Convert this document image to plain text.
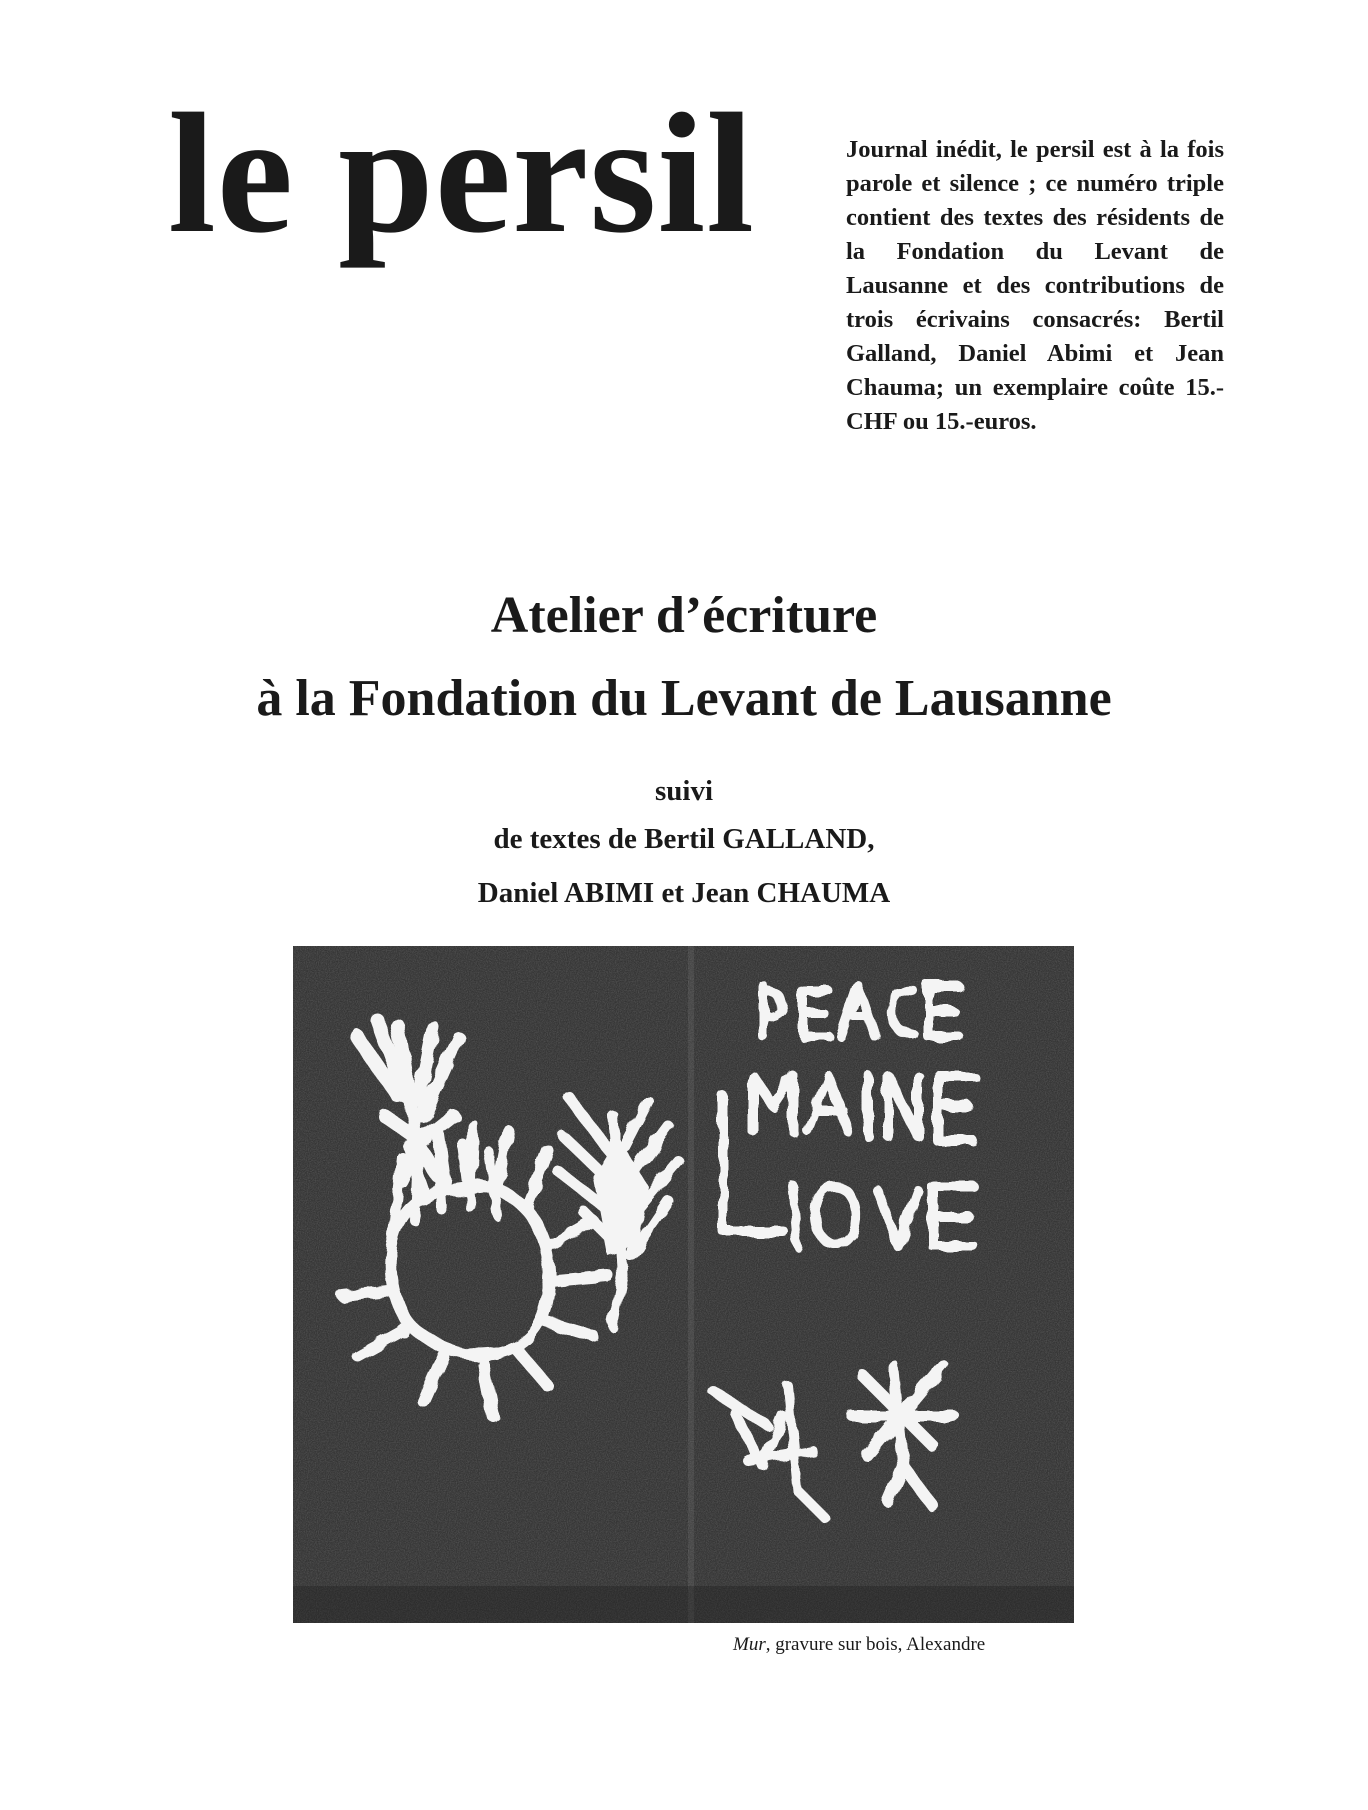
le persil	Journal inédit, le persil est à la fois parole et silence ; ce numéro triple contient des textes des résidents de la Fondation du Levant de Lausanne et des contributions de trois écrivains consacrés: Bertil Galland, Daniel Abimi et Jean Chauma; un exemplaire coûte 15.-CHF ou 15.-euros.

Atelier d’écriture
à la Fondation du Levant de Lausanne

suivi

de textes de Bertil GALLAND,

Daniel ABIMI et Jean CHAUMA

Mur, gravure sur bois, Alexandre
